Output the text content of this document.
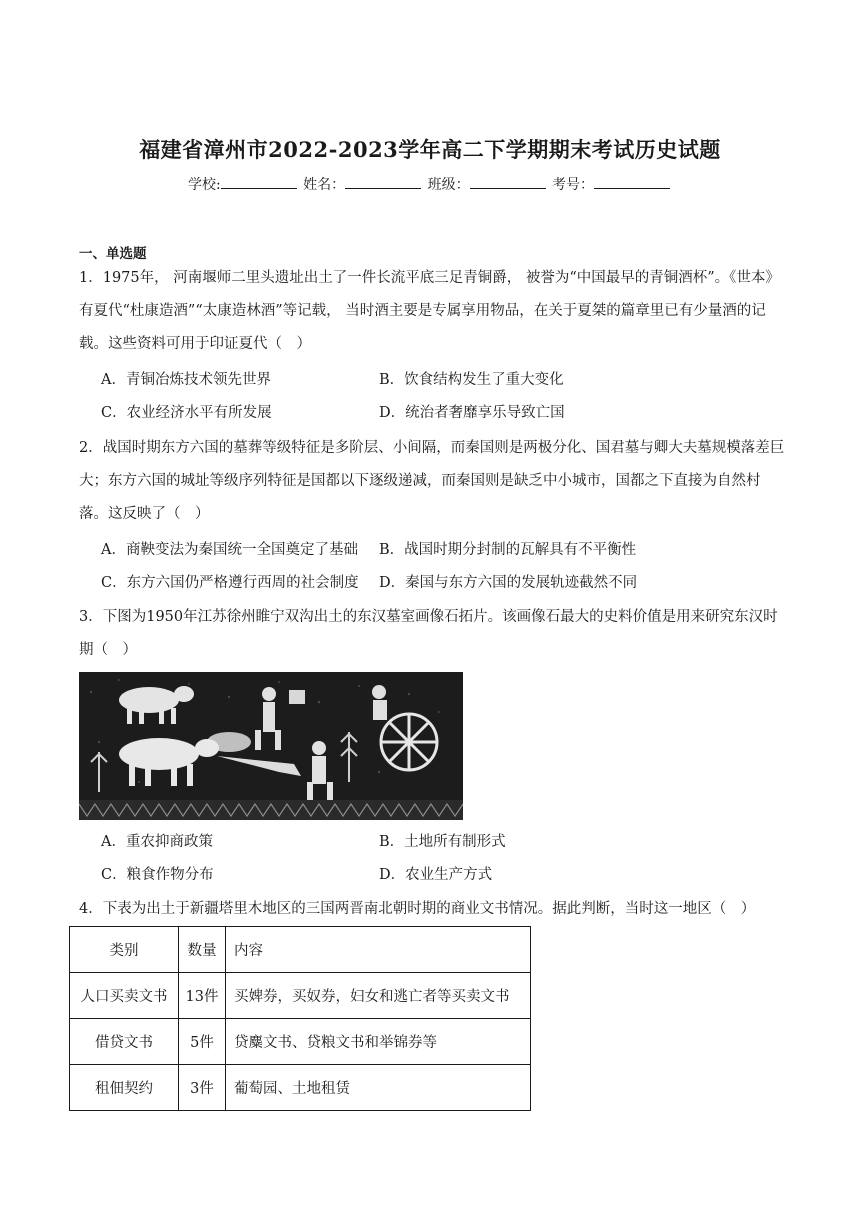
福建省漳州市2022-2023学年高二下学期期末考试历史试题
学校:	姓名：	班级：	考号：
一、单选题
1．1975年， 河南堰师二里头遗址出土了一件长流平底三足青铜爵， 被誉为“中国最早的青铜酒杯”。《世本》有夏代“杜康造酒”“太康造林酒”等记载， 当时酒主要是专属享用物品，在关于夏桀的篇章里已有少量酒的记载。这些资料可用于印证夏代（　）
A．青铜冶炼技术领先世界	B．饮食结构发生了重大变化
C．农业经济水平有所发展	D．统治者奢靡享乐导致亡国
2．战国时期东方六国的墓葬等级特征是多阶层、小间隔，而秦国则是两极分化、国君墓与卿大夫墓规模落差巨大；东方六国的城址等级序列特征是国都以下逐级递减，而秦国则是缺乏中小城市，国都之下直接为自然村落。这反映了（　）
A．商鞅变法为秦国统一全国奠定了基础 B．战国时期分封制的瓦解具有不平衡性
C．东方六国仍严格遵行西周的社会制度 D．秦国与东方六国的发展轨迹截然不同
3．下图为1950年江苏徐州睢宁双沟出土的东汉墓室画像石拓片。该画像石最大的史料价值是用来研究东汉时期（　）
A．重农抑商政策	B．土地所有制形式
C．粮食作物分布	D．农业生产方式
4．下表为出土于新疆塔里木地区的三国两晋南北朝时期的商业文书情况。据此判断，当时这一地区（　）
类别	数量	内容
人口买卖文书	13件	买婢券，买奴券，妇女和逃亡者等买卖文书
借贷文书	5件	贷麋文书、贷粮文书和举锦券等
租佃契约	3件	葡萄园、土地租赁
